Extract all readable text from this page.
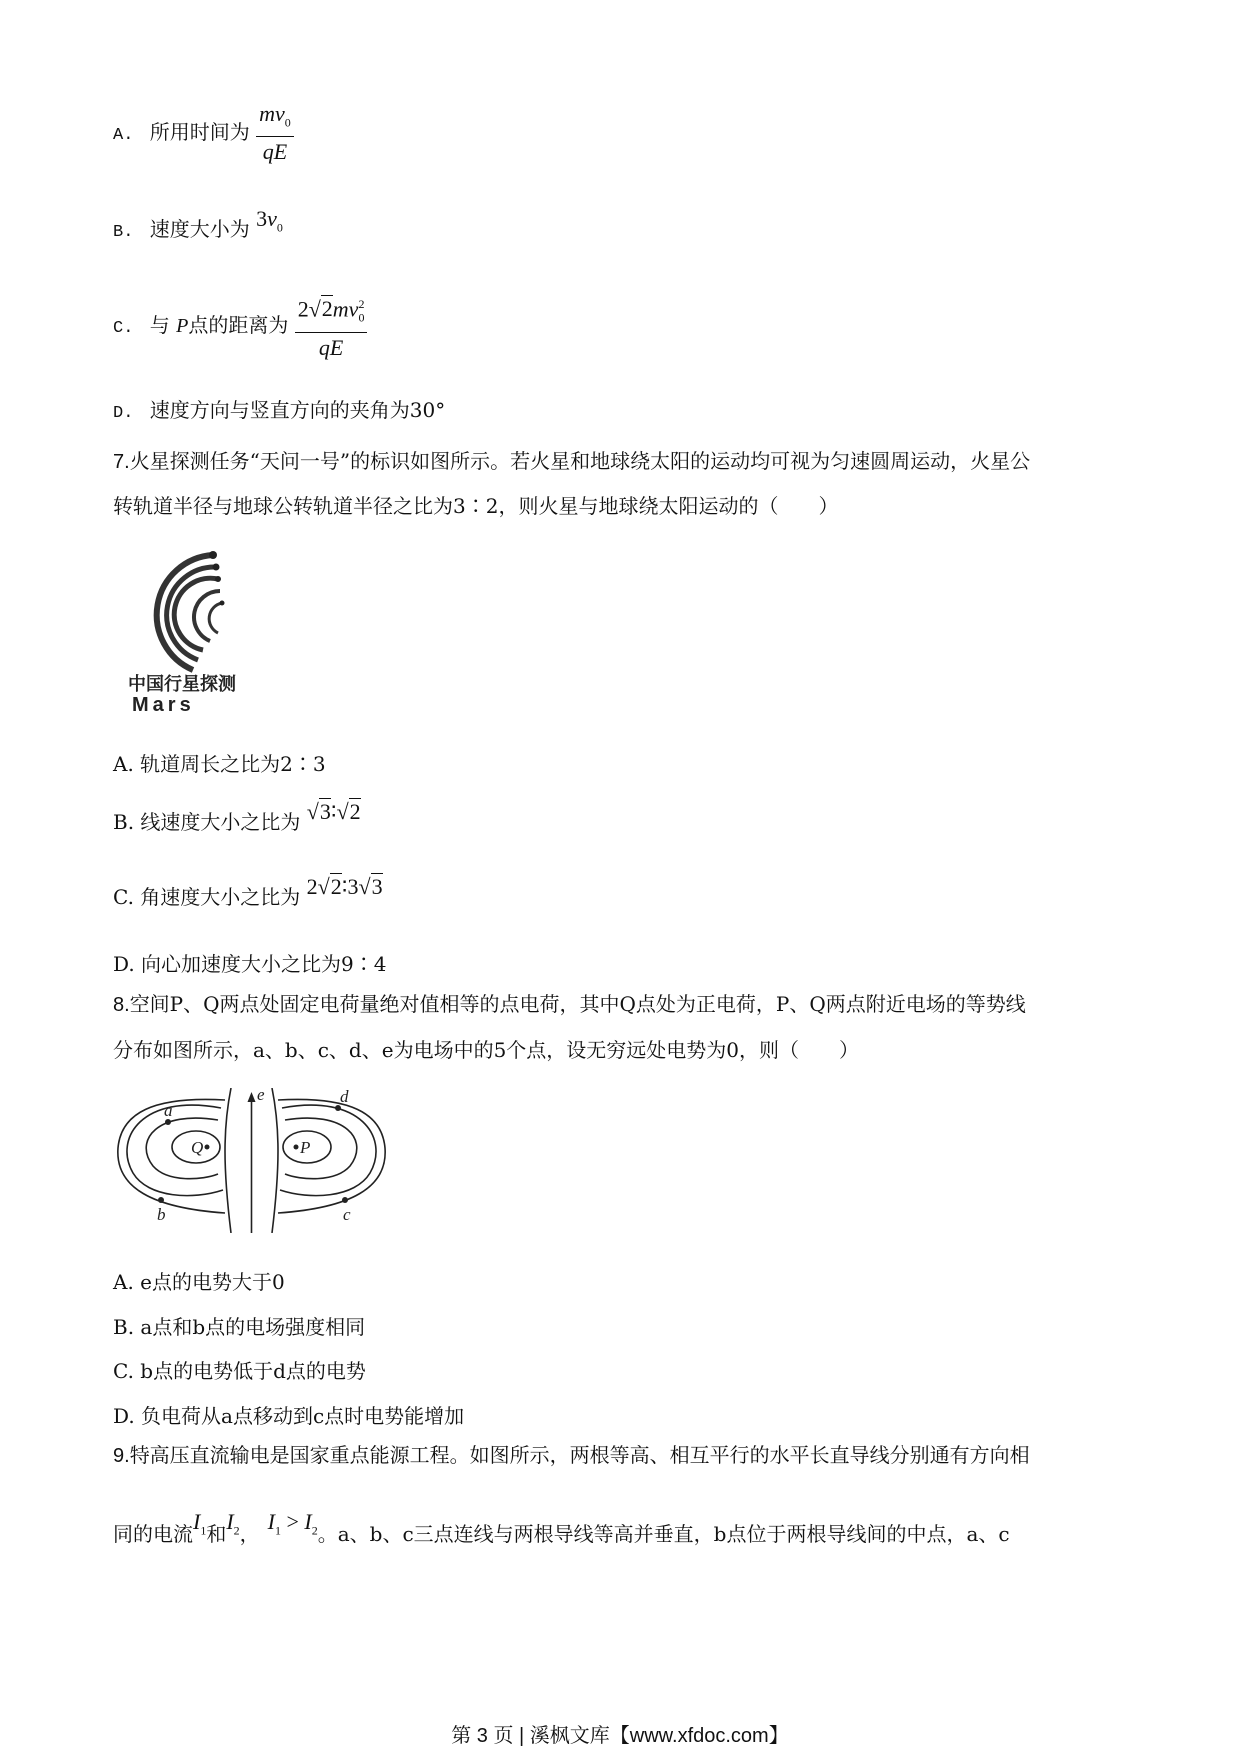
A. 所用时间为 $\frac{mv_0}{qE}$
B. 速度大小为 $3v_0$
C. 与 P点的距离为 $\frac{2√2mv_0^2}{qE}$
D. 速度方向与竖直方向的夹角为30°
7.火星探测任务“天问一号”的标识如图所示。若火星和地球绕太阳的运动均可视为匀速圆周运动，火星公
转轨道半径与地球公转轨道半径之比为3∶2，则火星与地球绕太阳运动的（　　）
中国行星探测
Mars
A. 轨道周长之比为2∶3
B. 线速度大小之比为 √3∶√2
C. 角速度大小之比为 2√2∶3√3
D. 向心加速度大小之比为9∶4
8.空间P、Q两点处固定电荷量绝对值相等的点电荷，其中Q点处为正电荷，P、Q两点附近电场的等势线
分布如图所示，a、b、c、d、e为电场中的5个点，设无穷远处电势为0，则（　　）
a
b	c
d
e
Q	P
A. e点的电势大于0
B. a点和b点的电场强度相同
C. b点的电势低于d点的电势
D. 负电荷从a点移动到c点时电势能增加
9.特高压直流输电是国家重点能源工程。如图所示，两根等高、相互平行的水平长直导线分别通有方向相
同的电流$I_1$和$I_2$， $I_1 > I_2$。a、b、c三点连线与两根导线等高并垂直，b点位于两根导线间的中点，a、c
第 3 页 | 溪枫文库【www.xfdoc.com】
